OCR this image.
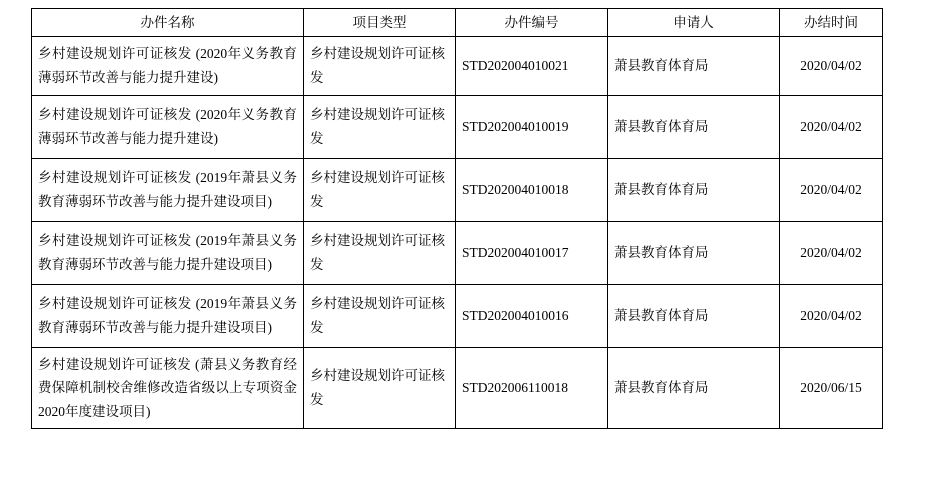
办件名称	项目类型	办件编号	申请人	办结时间
乡村建设规划许可证核发 (2020年义务教育薄弱环节改善与能力提升建设)	乡村建设规划许可证核发	STD202004010021	萧县教育体育局	2020/04/02
乡村建设规划许可证核发 (2020年义务教育薄弱环节改善与能力提升建设)	乡村建设规划许可证核发	STD202004010019	萧县教育体育局	2020/04/02
乡村建设规划许可证核发 (2019年萧县义务教育薄弱环节改善与能力提升建设项目)	乡村建设规划许可证核发	STD202004010018	萧县教育体育局	2020/04/02
乡村建设规划许可证核发 (2019年萧县义务教育薄弱环节改善与能力提升建设项目)	乡村建设规划许可证核发	STD202004010017	萧县教育体育局	2020/04/02
乡村建设规划许可证核发 (2019年萧县义务教育薄弱环节改善与能力提升建设项目)	乡村建设规划许可证核发	STD202004010016	萧县教育体育局	2020/04/02
乡村建设规划许可证核发 (萧县义务教育经费保障机制校舍维修改造省级以上专项资金2020年度建设项目)	乡村建设规划许可证核发	STD202006110018	萧县教育体育局	2020/06/15
